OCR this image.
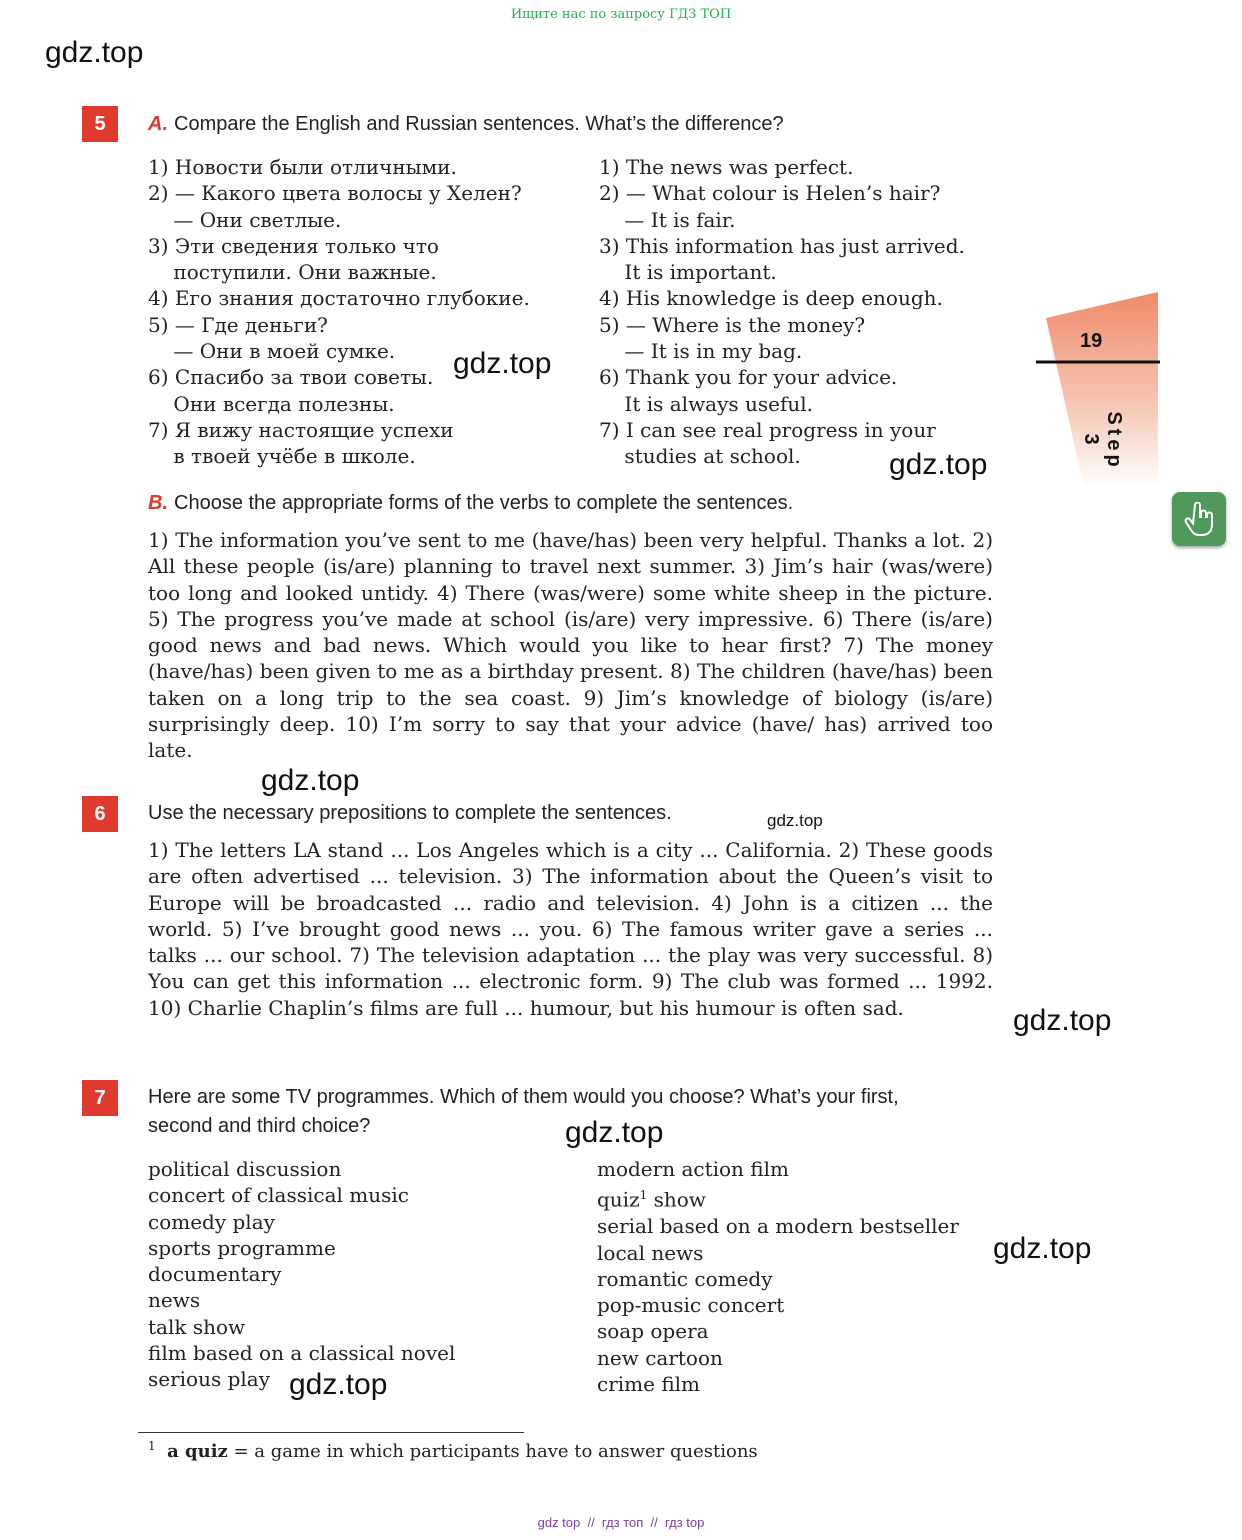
Ищите нас по запросу ГДЗ ТОП
gdz.top
gdz.top
gdz.top
gdz.top
gdz.top
gdz.top
gdz.top
gdz.top
gdz.top
19
Step 3
5	A. Compare the English and Russian sentences. What’s the difference?
1) Новости были отличными.
2) — Какого цвета волосы у Хелен?
— Они светлые.
3) Эти сведения только что
поступили. Они важные.
4) Его знания достаточно глубокие.
5) — Где деньги?
— Они в моей сумке.
6) Спасибо за твои советы.
Они всегда полезны.
7) Я вижу настоящие успехи
в твоей учёбе в школе.
1) The news was perfect.
2) — What colour is Helen’s hair?
— It is fair.
3) This information has just arrived.
It is important.
4) His knowledge is deep enough.
5) — Where is the money?
— It is in my bag.
6) Thank you for your advice.
It is always useful.
7) I can see real progress in your
studies at school.
B. Choose the appropriate forms of the verbs to complete the sentences.
1) The information you’ve sent to me (have/has) been very helpful. Thanks a lot. 2) All these people (is/are) planning to travel next summer. 3) Jim’s hair (was/were) too long and looked untidy. 4) There (was/were) some white sheep in the picture. 5) The progress you’ve made at school (is/are) very impressive. 6) There (is/are) good news and bad news. Which would you like to hear first? 7) The money (have/has) been given to me as a birthday present. 8) The children (have/has) been taken on a long trip to the sea coast. 9) Jim’s knowledge of biology (is/are) surprisingly deep. 10) I’m sorry to say that your advice (have/ has) arrived too late.
6	Use the necessary prepositions to complete the sentences.
1) The letters LA stand ... Los Angeles which is a city ... California. 2) These goods are often advertised ... television. 3) The information about the Queen’s visit to Europe will be broadcasted ... radio and television. 4) John is a citizen ... the world. 5) I’ve brought good news ... you. 6) The famous writer gave a series ... talks ... our school. 7) The television adaptation ... the play was very successful. 8) You can get this information ... electronic form. 9) The club was formed ... 1992. 10) Charlie Chaplin’s films are full ... humour, but his humour is often sad.
7	Here are some TV programmes. Which of them would you choose? What’s your first,
second and third choice?
political discussion
concert of classical music
comedy play
sports programme
documentary
news
talk show
film based on a classical novel
serious play
modern action film
quiz$^1$ show
serial based on a modern bestseller
local news
romantic comedy
pop-music concert
soap opera
new cartoon
crime film
$^1$ a quiz = a game in which participants have to answer questions
gdz top  //  гдз топ  //  гдз top
